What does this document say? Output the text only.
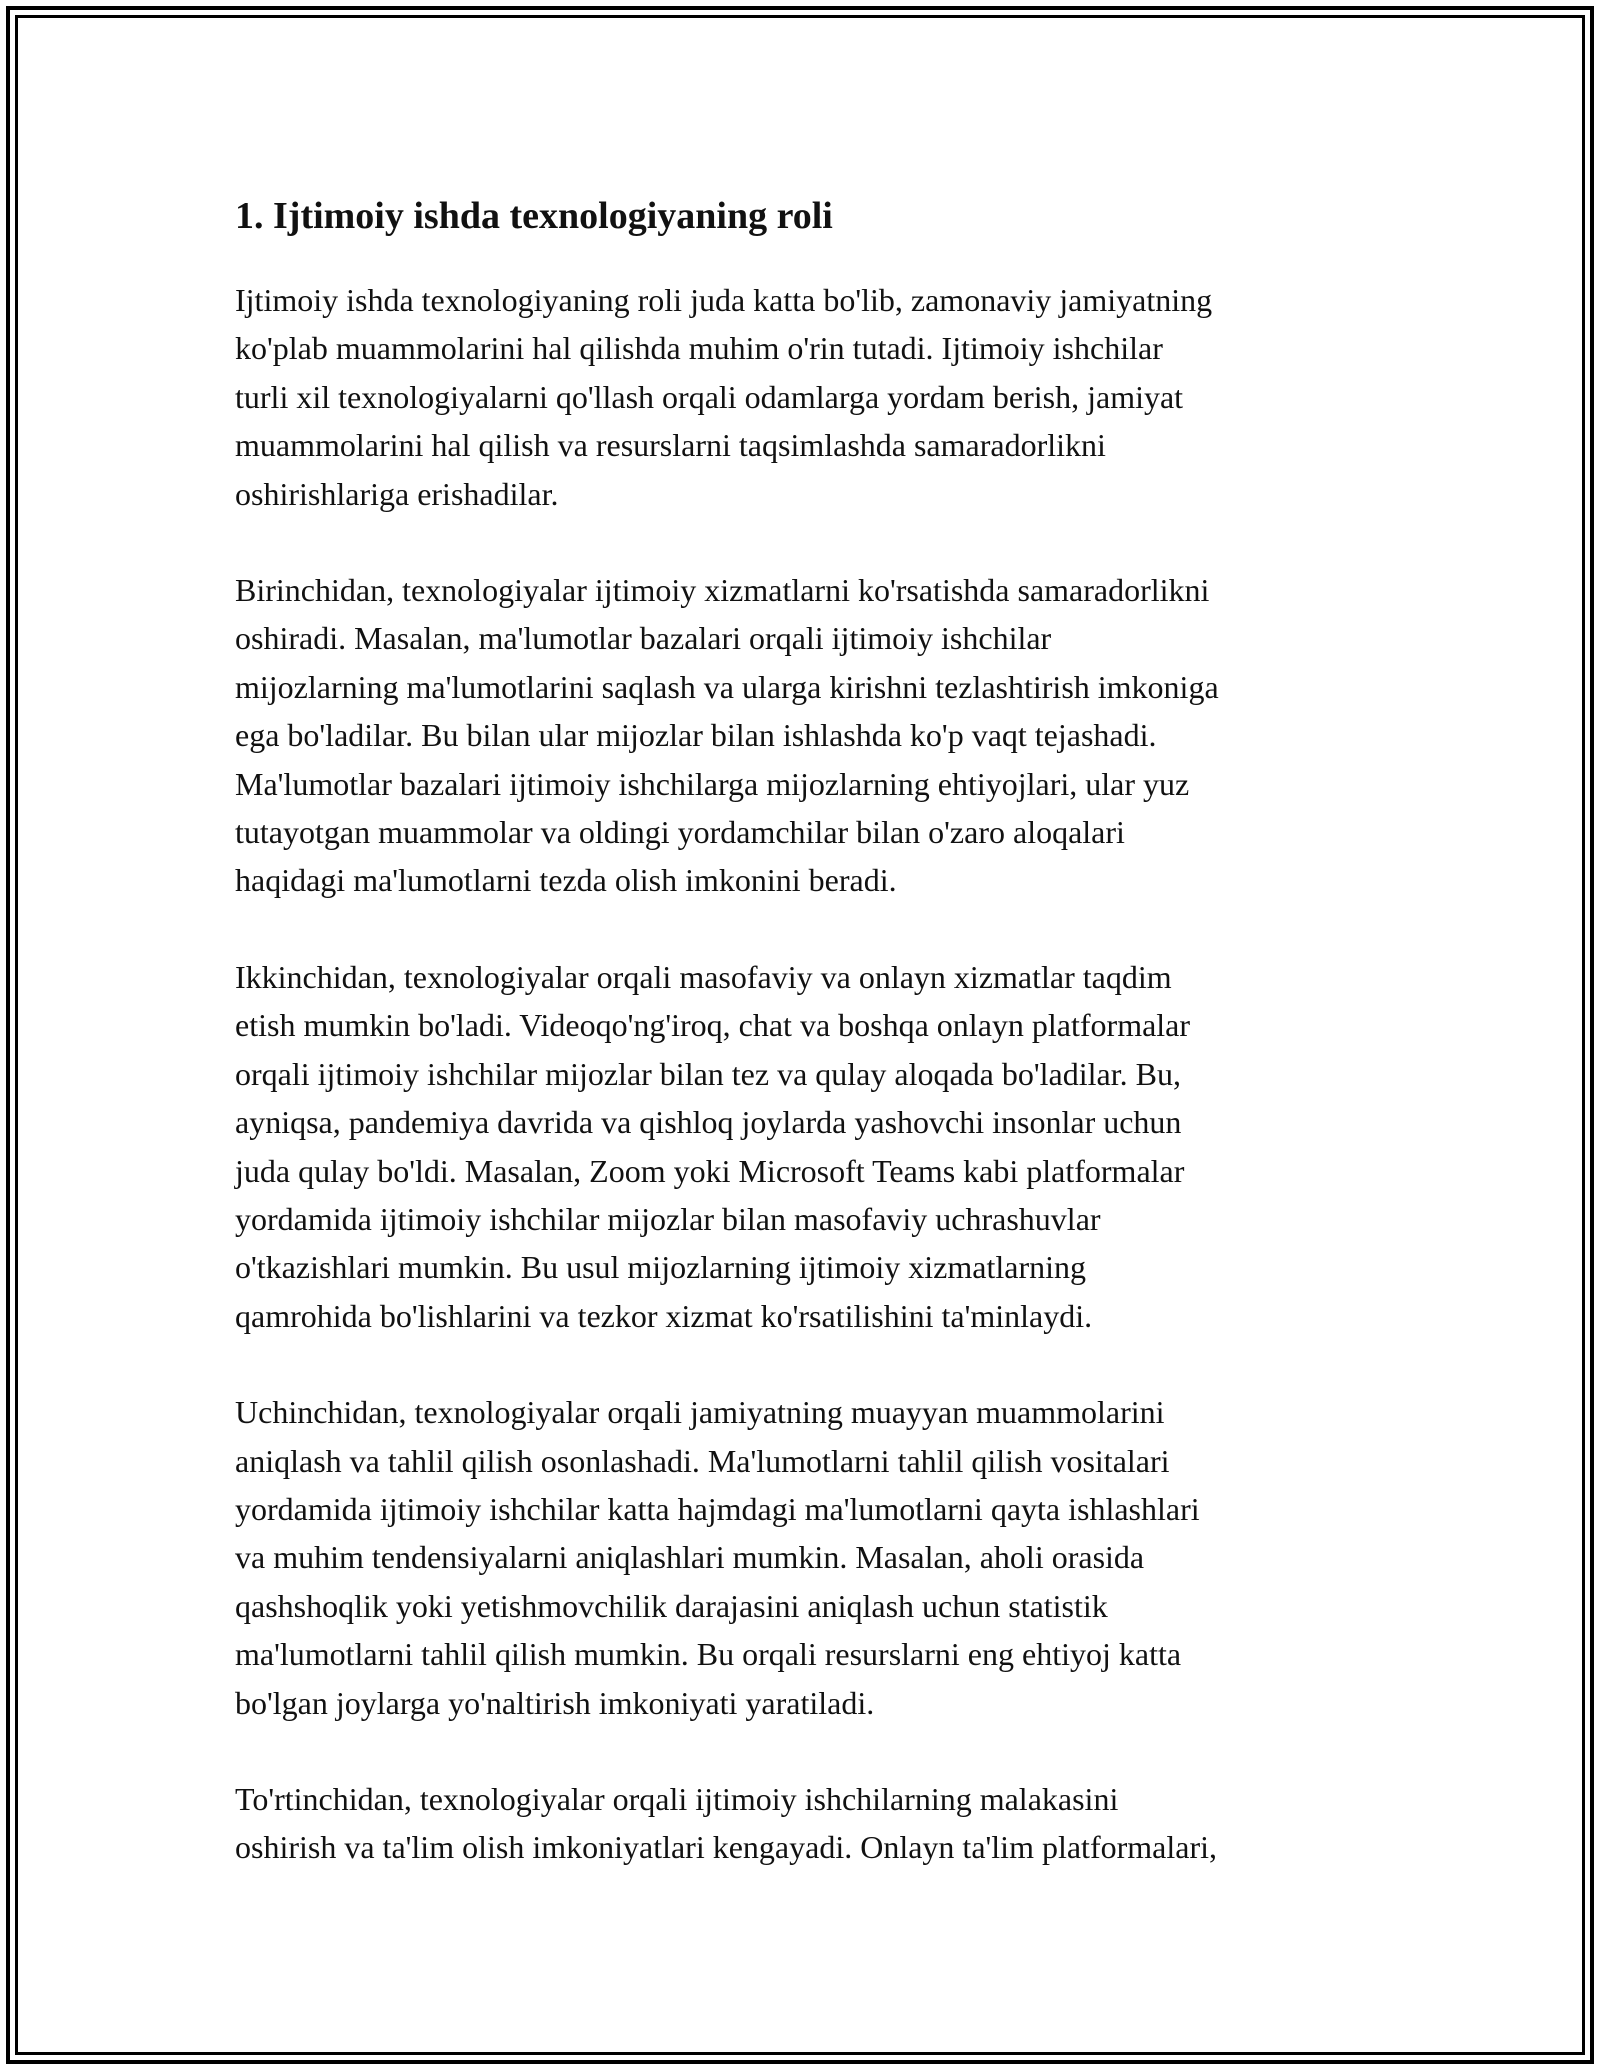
1. Ijtimoiy ishda texnologiyaning roli

Ijtimoiy ishda texnologiyaning roli juda katta bo'lib, zamonaviy jamiyatning
ko'plab muammolarini hal qilishda muhim o'rin tutadi. Ijtimoiy ishchilar
turli xil texnologiyalarni qo'llash orqali odamlarga yordam berish, jamiyat
muammolarini hal qilish va resurslarni taqsimlashda samaradorlikni
oshirishlariga erishadilar.

Birinchidan, texnologiyalar ijtimoiy xizmatlarni ko'rsatishda samaradorlikni
oshiradi. Masalan, ma'lumotlar bazalari orqali ijtimoiy ishchilar
mijozlarning ma'lumotlarini saqlash va ularga kirishni tezlashtirish imkoniga
ega bo'ladilar. Bu bilan ular mijozlar bilan ishlashda ko'p vaqt tejashadi.
Ma'lumotlar bazalari ijtimoiy ishchilarga mijozlarning ehtiyojlari, ular yuz
tutayotgan muammolar va oldingi yordamchilar bilan o'zaro aloqalari
haqidagi ma'lumotlarni tezda olish imkonini beradi.

Ikkinchidan, texnologiyalar orqali masofaviy va onlayn xizmatlar taqdim
etish mumkin bo'ladi. Videoqo'ng'iroq, chat va boshqa onlayn platformalar
orqali ijtimoiy ishchilar mijozlar bilan tez va qulay aloqada bo'ladilar. Bu,
ayniqsa, pandemiya davrida va qishloq joylarda yashovchi insonlar uchun
juda qulay bo'ldi. Masalan, Zoom yoki Microsoft Teams kabi platformalar
yordamida ijtimoiy ishchilar mijozlar bilan masofaviy uchrashuvlar
o'tkazishlari mumkin. Bu usul mijozlarning ijtimoiy xizmatlarning
qamrohida bo'lishlarini va tezkor xizmat ko'rsatilishini ta'minlaydi.

Uchinchidan, texnologiyalar orqali jamiyatning muayyan muammolarini
aniqlash va tahlil qilish osonlashadi. Ma'lumotlarni tahlil qilish vositalari
yordamida ijtimoiy ishchilar katta hajmdagi ma'lumotlarni qayta ishlashlari
va muhim tendensiyalarni aniqlashlari mumkin. Masalan, aholi orasida
qashshoqlik yoki yetishmovchilik darajasini aniqlash uchun statistik
ma'lumotlarni tahlil qilish mumkin. Bu orqali resurslarni eng ehtiyoj katta
bo'lgan joylarga yo'naltirish imkoniyati yaratiladi.

To'rtinchidan, texnologiyalar orqali ijtimoiy ishchilarning malakasini
oshirish va ta'lim olish imkoniyatlari kengayadi. Onlayn ta'lim platformalari,
